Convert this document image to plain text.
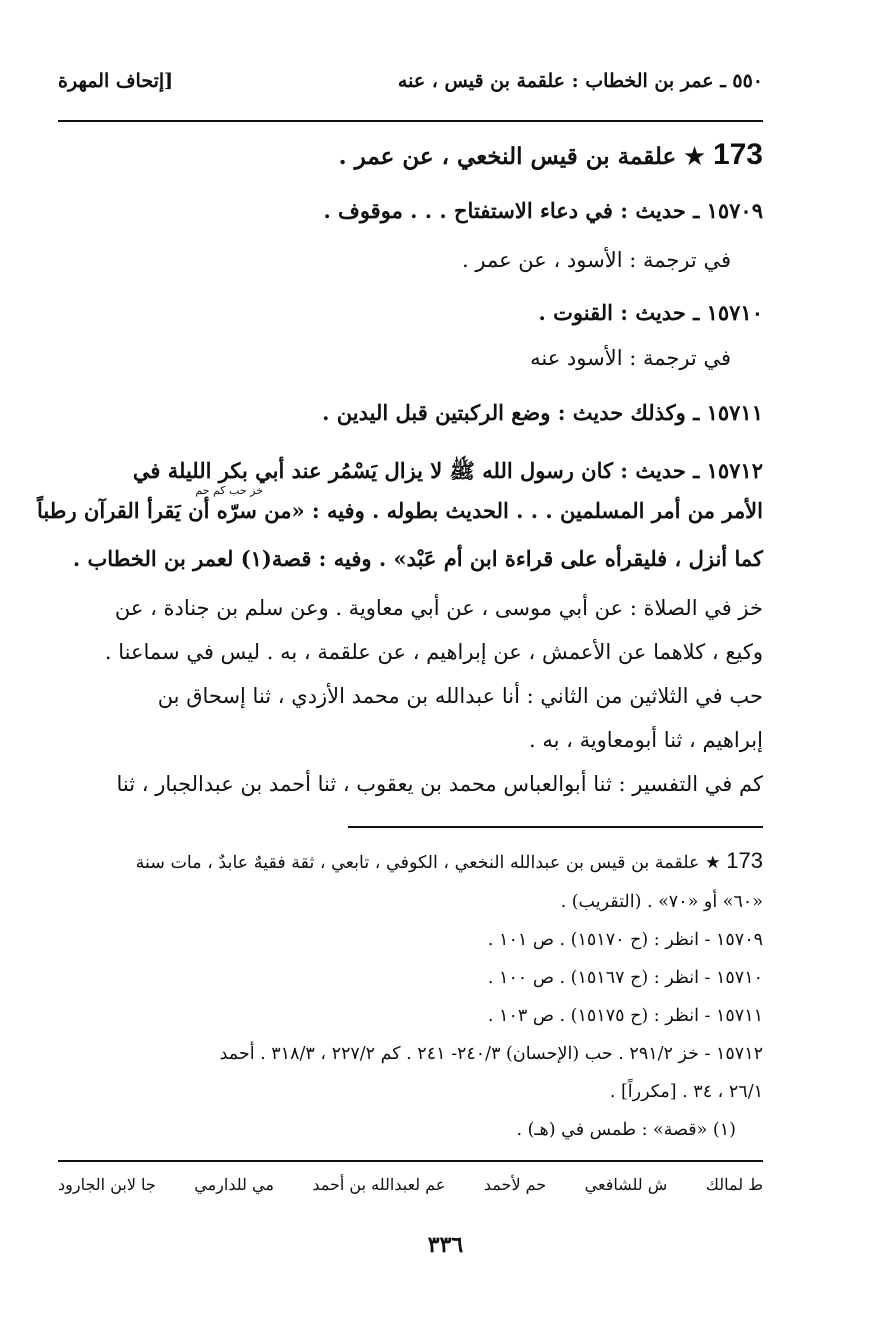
٥٥٠ ـ عمر بن الخطاب : علقمة بن قيس ، عنه
[إتحاف المهرة
173 ★ علقمة بن قيس النخعي ، عن عمر .
١٥٧٠٩ ـ حديث : في دعاء الاستفتاح . . . موقوف .
في ترجمة : الأسود ، عن عمر .
١٥٧١٠ ـ حديث : القنوت .
في ترجمة : الأسود عنه
١٥٧١١ ـ وكذلك حديث : وضع الركبتين قبل اليدين .
١٥٧١٢ ـ حديث : كان رسول الله ﷺ لا يزال يَسْمُر عند أبي بكر الليلة في
خز حب كم حم
الأمر من أمر المسلمين . . . الحديث بطوله . وفيه : «من سرّه أن يَقرأ القرآن رطباً
كما أنزل ، فليقرأه على قراءة ابن أم عَبْد» . وفيه : قصة(١) لعمر بن الخطاب .
خز في الصلاة : عن أبي موسى ، عن أبي معاوية . وعن سلم بن جنادة ، عن
وكيع ، كلاهما عن الأعمش ، عن إبراهيم ، عن علقمة ، به . ليس في سماعنا .
حب في الثلاثين من الثاني : أنا عبدالله بن محمد الأزدي ، ثنا إسحاق بن
إبراهيم ، ثنا أبومعاوية ، به .
كم في التفسير : ثنا أبوالعباس محمد بن يعقوب ، ثنا أحمد بن عبدالجبار ، ثنا
173 ★ علقمة بن قيس بن عبدالله النخعي ، الكوفي ، تابعي ، ثقة فقيهٌ عابدٌ ، مات سنة
«٦٠» أو «٧٠» . (التقريب) .
١٥٧٠٩ - انظر : (ح ١٥١٧٠) . ص ١٠١ .
١٥٧١٠ - انظر : (ح ١٥١٦٧) . ص ١٠٠ .
١٥٧١١ - انظر : (ح ١٥١٧٥) . ص ١٠٣ .
١٥٧١٢ - خز ٢٩١/٢ . حب (الإحسان) ٢٤٠/٣- ٢٤١ . كم ٢٢٧/٢ ، ٣١٨/٣ . أحمد
٢٦/١ ، ٣٤ . [مكرراً] .
(١) «قصة» : طمس في (هـ) .
ط لمالك
ش للشافعي
حم لأحمد
عم لعبدالله بن أحمد
مي للدارمي
جا لابن الجارود
٣٣٦
